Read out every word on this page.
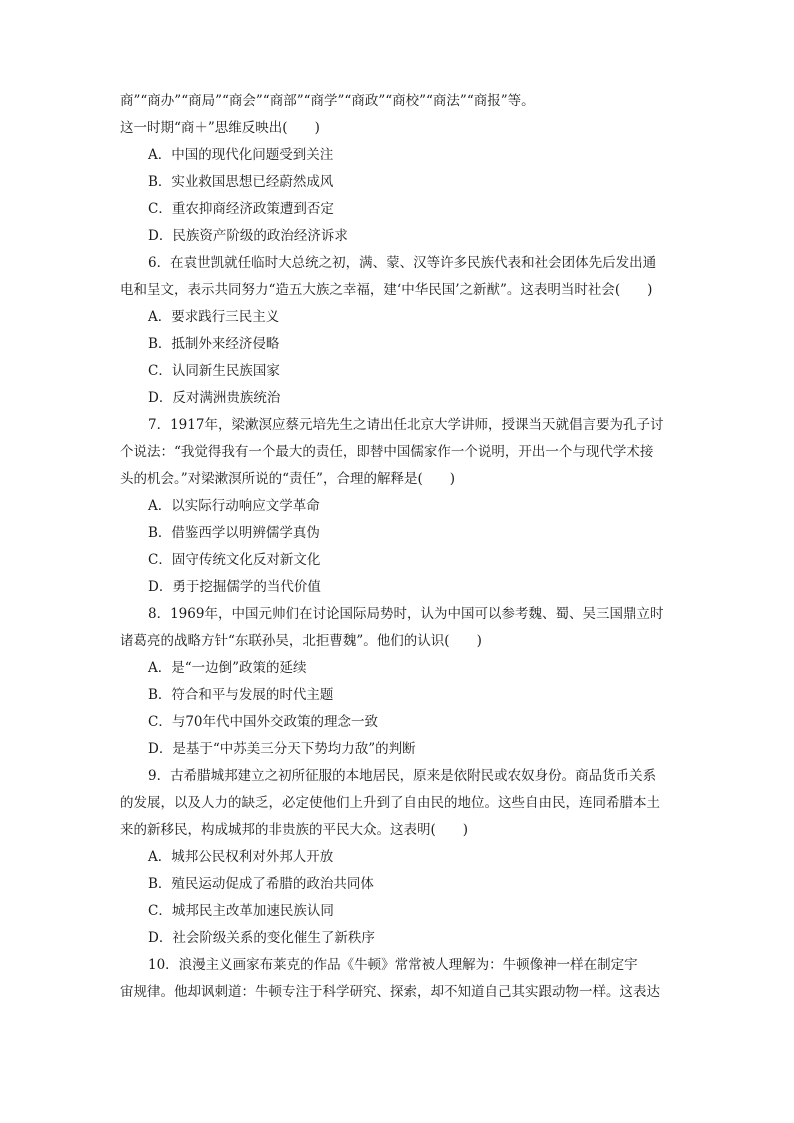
商”“商办”“商局”“商会”“商部”“商学”“商政”“商校”“商法”“商报”等。
这一时期“商＋”思维反映出(　　)
A．中国的现代化问题受到关注
B．实业救国思想已经蔚然成风
C．重农抑商经济政策遭到否定
D．民族资产阶级的政治经济诉求
6．在袁世凯就任临时大总统之初，满、蒙、汉等许多民族代表和社会团体先后发出通
电和呈文，表示共同努力“造五大族之幸福，建‘中华民国’之新猷”。这表明当时社会(　　)
A．要求践行三民主义
B．抵制外来经济侵略
C．认同新生民族国家
D．反对满洲贵族统治
7．1917年，梁漱溟应蔡元培先生之请出任北京大学讲师，授课当天就倡言要为孔子讨
个说法：“我觉得我有一个最大的责任，即替中国儒家作一个说明，开出一个与现代学术接
头的机会。”对梁漱溟所说的“责任”，合理的解释是(　　)
A．以实际行动响应文学革命
B．借鉴西学以明辨儒学真伪
C．固守传统文化反对新文化
D．勇于挖掘儒学的当代价值
8．1969年，中国元帅们在讨论国际局势时，认为中国可以参考魏、蜀、吴三国鼎立时
诸葛亮的战略方针“东联孙吴，北拒曹魏”。他们的认识(　　)
A．是“一边倒”政策的延续
B．符合和平与发展的时代主题
C．与70年代中国外交政策的理念一致
D．是基于“中苏美三分天下势均力敌”的判断
9．古希腊城邦建立之初所征服的本地居民，原来是依附民或农奴身份。商品货币关系
的发展，以及人力的缺乏，必定使他们上升到了自由民的地位。这些自由民，连同希腊本土
来的新移民，构成城邦的非贵族的平民大众。这表明(　　)
A．城邦公民权利对外邦人开放
B．殖民运动促成了希腊的政治共同体
C．城邦民主改革加速民族认同
D．社会阶级关系的变化催生了新秩序
10．浪漫主义画家布莱克的作品《牛顿》常常被人理解为：牛顿像神一样在制定宇
宙规律。他却讽刺道：牛顿专注于科学研究、探索，却不知道自己其实跟动物一样。这表达
